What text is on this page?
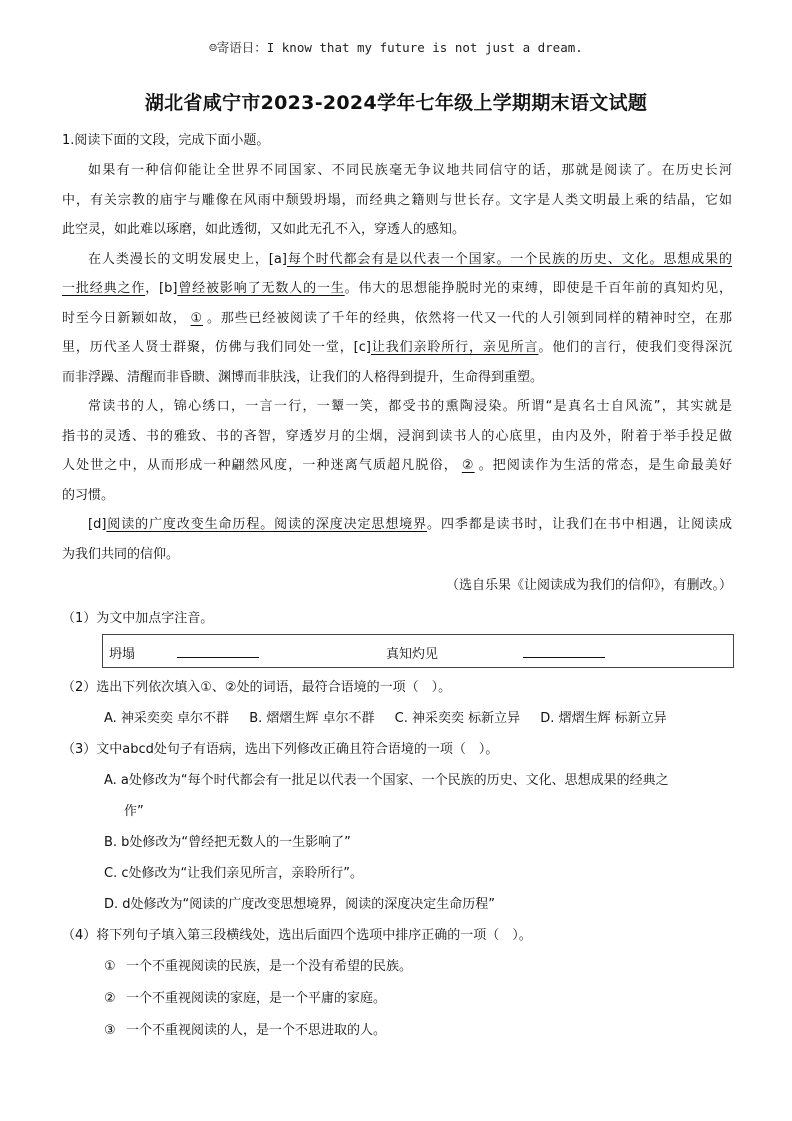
☺寄语日：I know that my future is not just a dream.
湖北省咸宁市2023-2024学年七年级上学期期末语文试题
1.阅读下面的文段，完成下面小题。
如果有一种信仰能让全世界不同国家、不同民族毫无争议地共同信守的话，那就是阅读了。在历史长河
中，有关宗教的庙宇与雕像在风雨中颓毁坍塌，而经典之籍则与世长存。文字是人类文明最上乘的结晶，它如
此空灵，如此难以琢磨，如此透彻，又如此无孔不入，穿透人的感知。
在人类漫长的文明发展史上，[a]每个时代都会有是以代表一个国家。一个民族的历史、文化。思想成果的
一批经典之作，[b]曾经被影响了无数人的一生。伟大的思想能挣脱时光的束缚，即使是千百年前的真知灼见，
时至今日新颖如故， ① 。那些已经被阅读了千年的经典，依然将一代又一代的人引领到同样的精神时空，在那
里，历代圣人贤士群聚，仿佛与我们同处一堂，[c]让我们亲聆所行，亲见所言。他们的言行，使我们变得深沉
而非浮躁、清醒而非昏瞆、渊博而非肤浅，让我们的人格得到提升，生命得到重塑。
常读书的人，锦心绣口，一言一行，一颦一笑，都受书的熏陶浸染。所谓“是真名士自风流”，其实就是
指书的灵透、书的雅致、书的吝智，穿透岁月的尘烟，浸润到读书人的心底里，由内及外，附着于举手投足做
人处世之中，从而形成一种翩然风度，一种迷离气质超凡脱俗， ② 。把阅读作为生活的常态，是生命最美好
的习惯。
[d]阅读的广度改变生命历程。阅读的深度决定思想境界。四季都是读书时，让我们在书中相遇，让阅读成
为我们共同的信仰。
（选自乐果《让阅读成为我们的信仰》，有删改。）
（1）为文中加点字注音。
坍塌	真知灼见
（2）选出下列依次填入①、②处的词语，最符合语境的一项（　）。
A. 神采奕奕 卓尔不群 B. 熠熠生辉 卓尔不群 C. 神采奕奕 标新立异 D. 熠熠生辉 标新立异
（3）文中abcd处句子有语病，选出下列修改正确且符合语境的一项（　）。
A. a处修改为“每个时代都会有一批足以代表一个国家、一个民族的历史、文化、思想成果的经典之
作”
B. b处修改为“曾经把无数人的一生影响了”
C. c处修改为“让我们亲见所言，亲聆所行”。
D. d处修改为“阅读的广度改变思想境界，阅读的深度决定生命历程”
（4）将下列句子填入第三段横线处，选出后面四个选项中排序正确的一项（　）。
① 一个不重视阅读的民族，是一个没有希望的民族。
② 一个不重视阅读的家庭，是一个平庸的家庭。
③ 一个不重视阅读的人，是一个不思进取的人。
